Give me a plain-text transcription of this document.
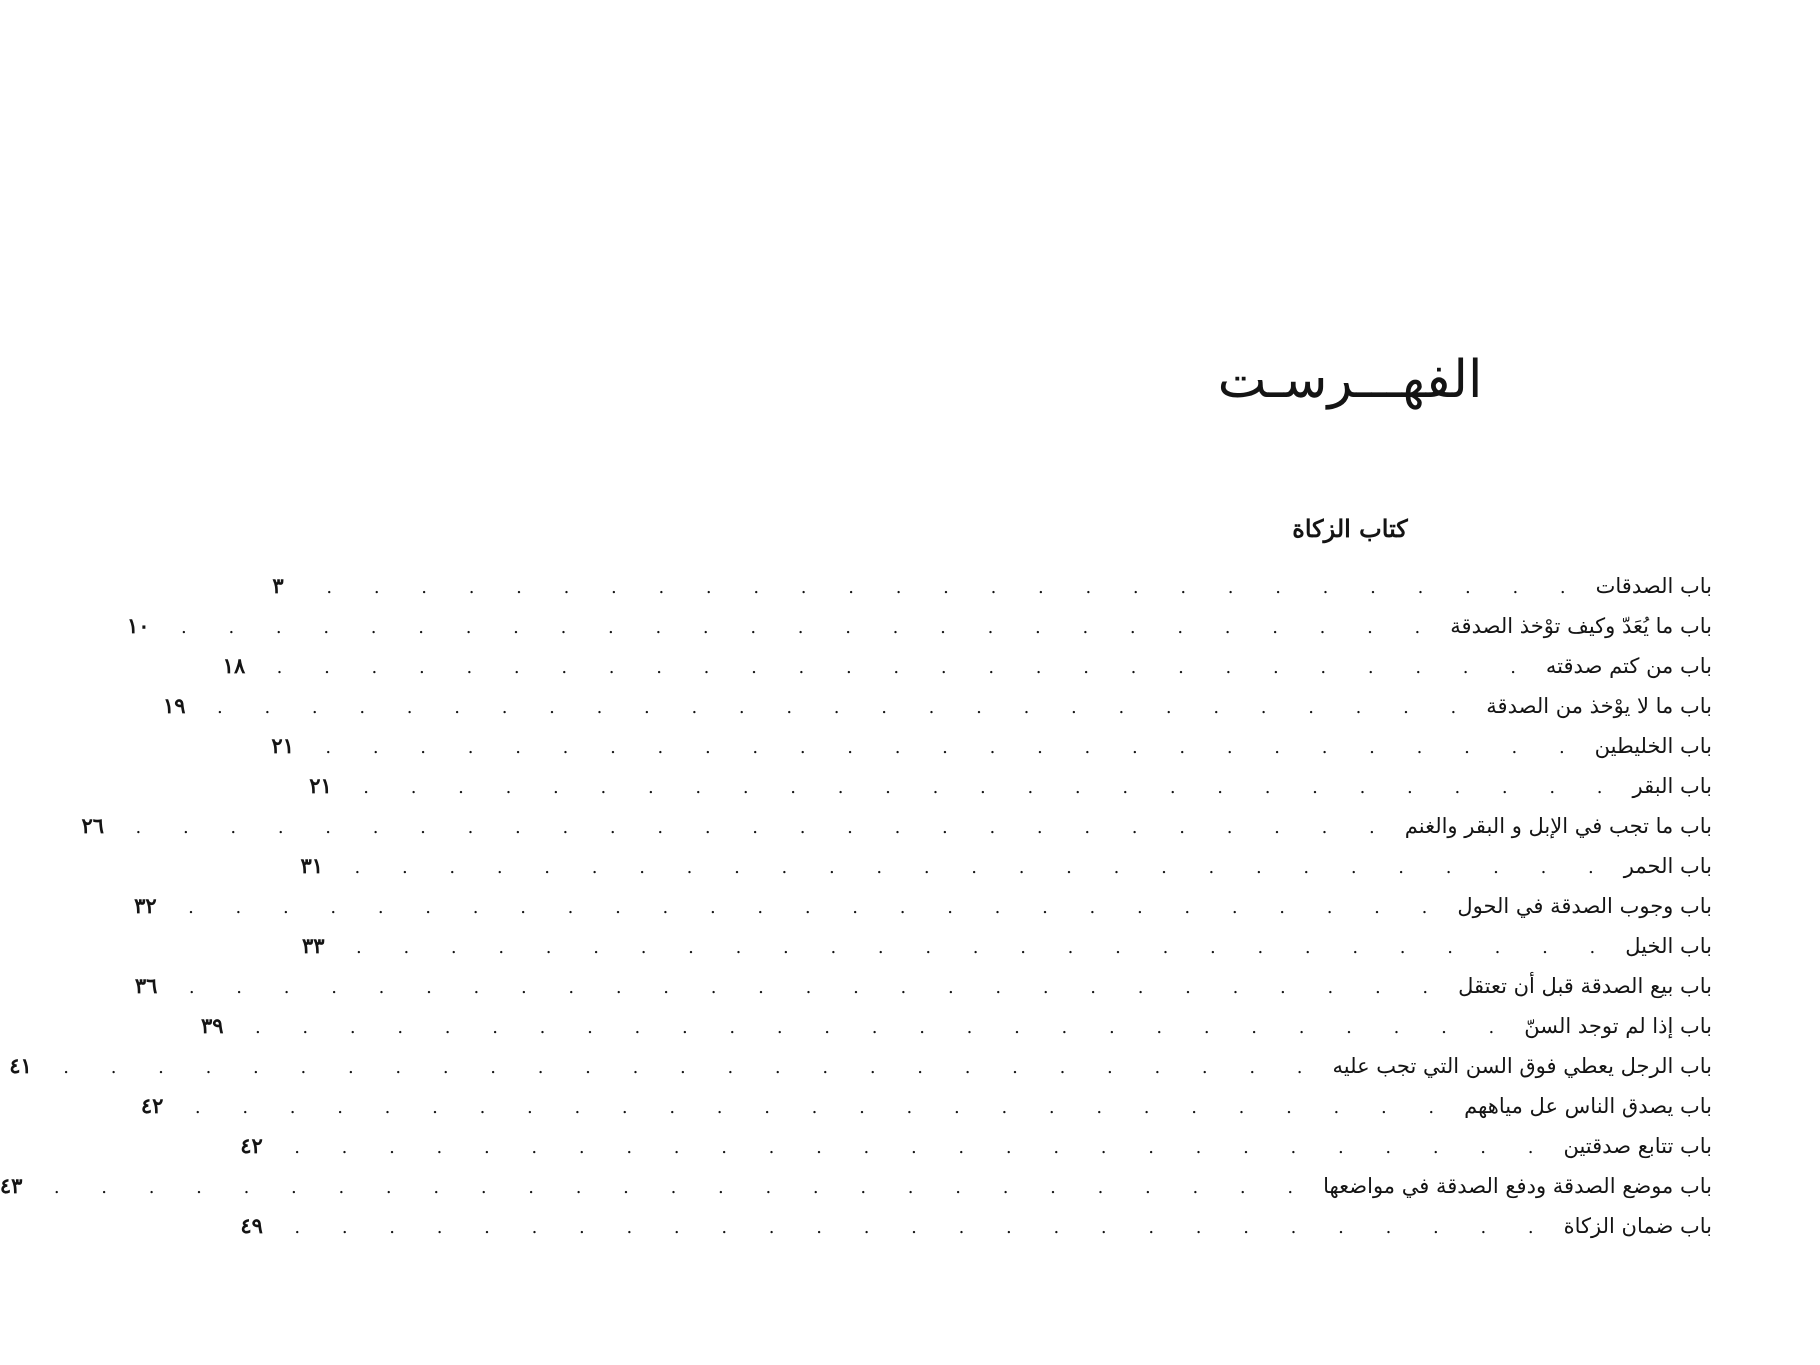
الفهـــرسـت
كتاب الزكاة
باب الصدقات
. . . . . . . . . . . . . . . . . . . . . . . . . . .
٣
باب ما يُعَدّ وكيف توْخذ الصدقة
. . . . . . . . . . . . . . . . . . . . . . . . . . .
١٠
باب من كتم صدقته
. . . . . . . . . . . . . . . . . . . . . . . . . . .
١٨
باب ما لا يوْخذ من الصدقة
. . . . . . . . . . . . . . . . . . . . . . . . . . .
١٩
باب الخليطين
. . . . . . . . . . . . . . . . . . . . . . . . . . .
٢١
باب البقر
. . . . . . . . . . . . . . . . . . . . . . . . . . .
٢١
باب ما تجب في الإبل و البقر والغنم
. . . . . . . . . . . . . . . . . . . . . . . . . . .
٢٦
باب الحمر
. . . . . . . . . . . . . . . . . . . . . . . . . . .
٣١
باب وجوب الصدقة في الحول
. . . . . . . . . . . . . . . . . . . . . . . . . . .
٣٢
باب الخيل
. . . . . . . . . . . . . . . . . . . . . . . . . . .
٣٣
باب بيع الصدقة قبل أن تعتقل
. . . . . . . . . . . . . . . . . . . . . . . . . . .
٣٦
باب إذا لم توجد السنّ
. . . . . . . . . . . . . . . . . . . . . . . . . . .
٣٩
باب الرجل يعطي فوق السن التي تجب عليه
. . . . . . . . . . . . . . . . . . . . . . . . . . .
٤١
باب يصدق الناس عل مياههم
. . . . . . . . . . . . . . . . . . . . . . . . . . .
٤٢
باب تتابع صدقتين
. . . . . . . . . . . . . . . . . . . . . . . . . . .
٤٢
باب موضع الصدقة ودفع الصدقة في مواضعها
. . . . . . . . . . . . . . . . . . . . . . . . . . .
٤٣
باب ضمان الزكاة
. . . . . . . . . . . . . . . . . . . . . . . . . . .
٤٩
